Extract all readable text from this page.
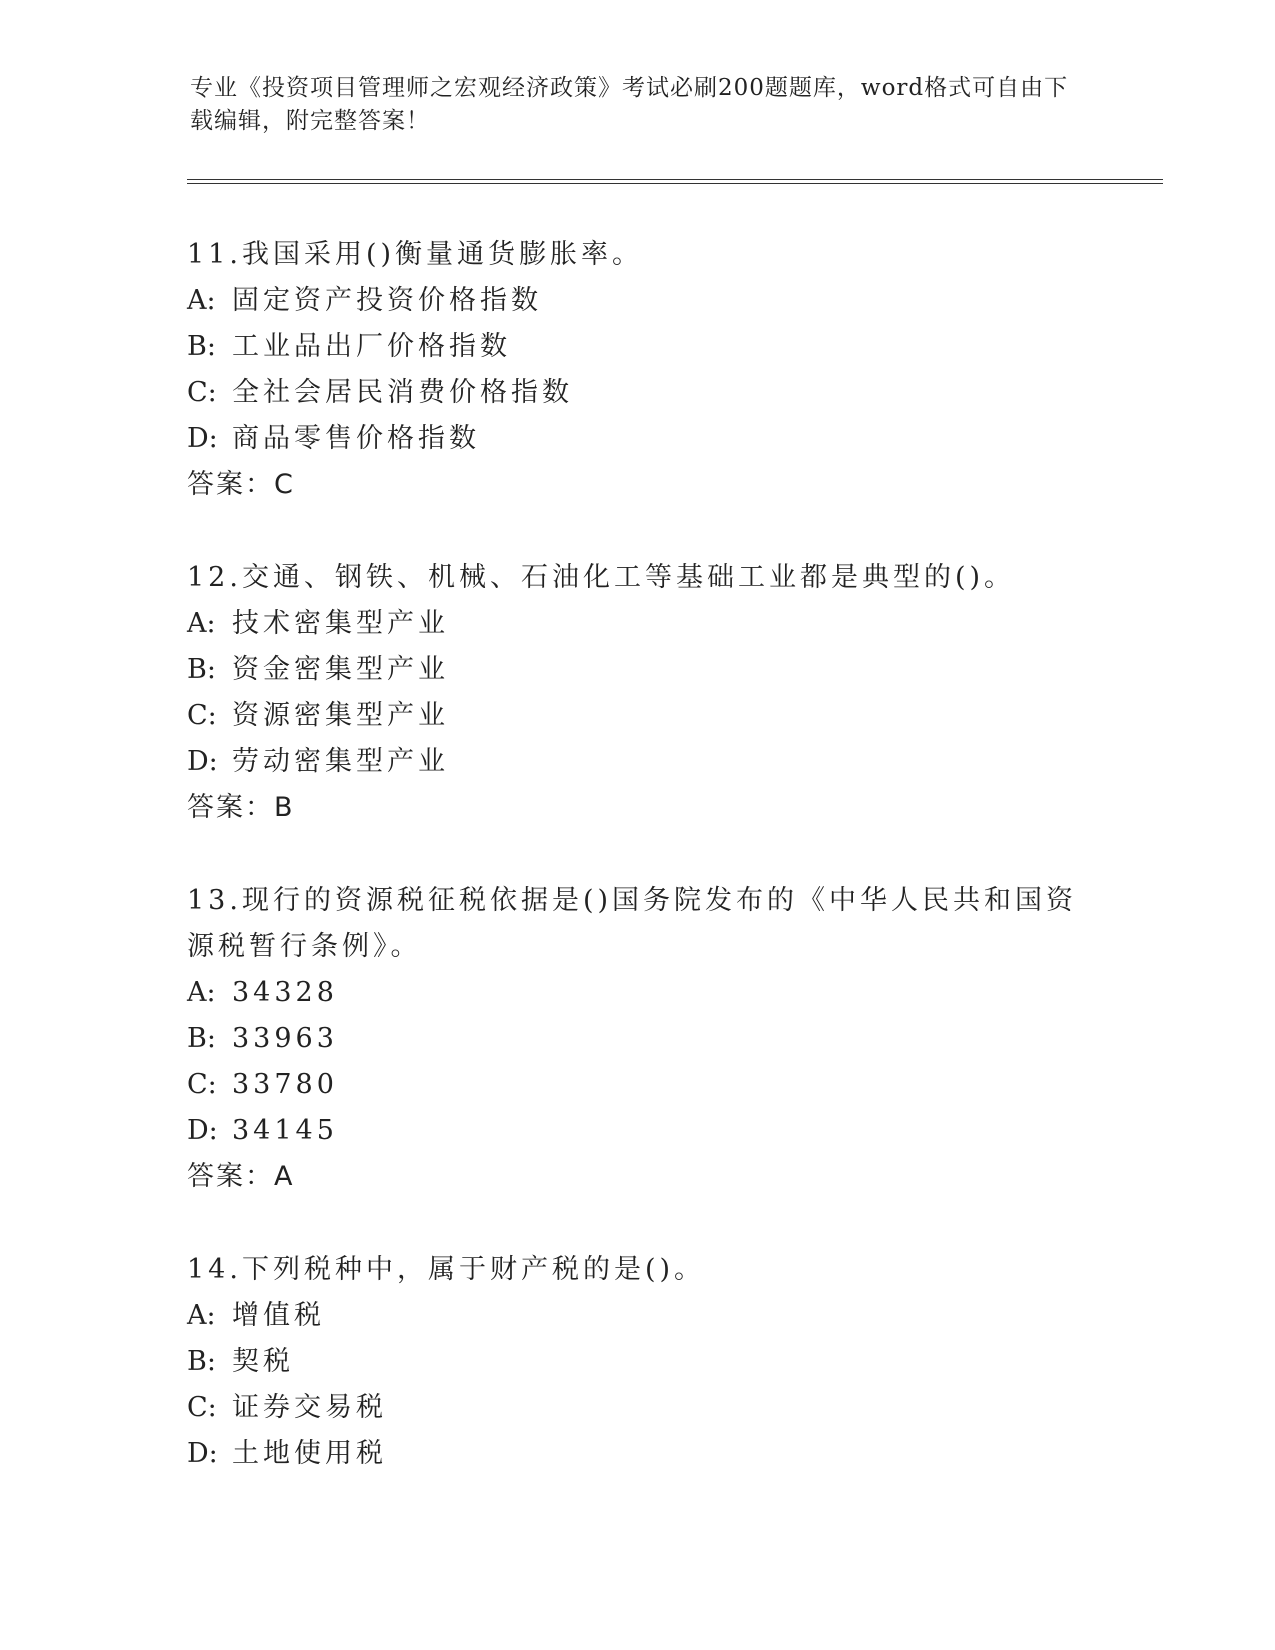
专业《投资项目管理师之宏观经济政策》考试必刷200题题库，word格式可自由下载编辑，附完整答案！
11.我国采用()衡量通货膨胀率。
A: 固定资产投资价格指数
B: 工业品出厂价格指数
C: 全社会居民消费价格指数
D: 商品零售价格指数
答案：C
12.交通、钢铁、机械、石油化工等基础工业都是典型的()。
A: 技术密集型产业
B: 资金密集型产业
C: 资源密集型产业
D: 劳动密集型产业
答案：B
13.现行的资源税征税依据是()国务院发布的《中华人民共和国资源税暂行条例》。
A: 34328
B: 33963
C: 33780
D: 34145
答案：A
14.下列税种中，属于财产税的是()。
A: 增值税
B: 契税
C: 证券交易税
D: 土地使用税
